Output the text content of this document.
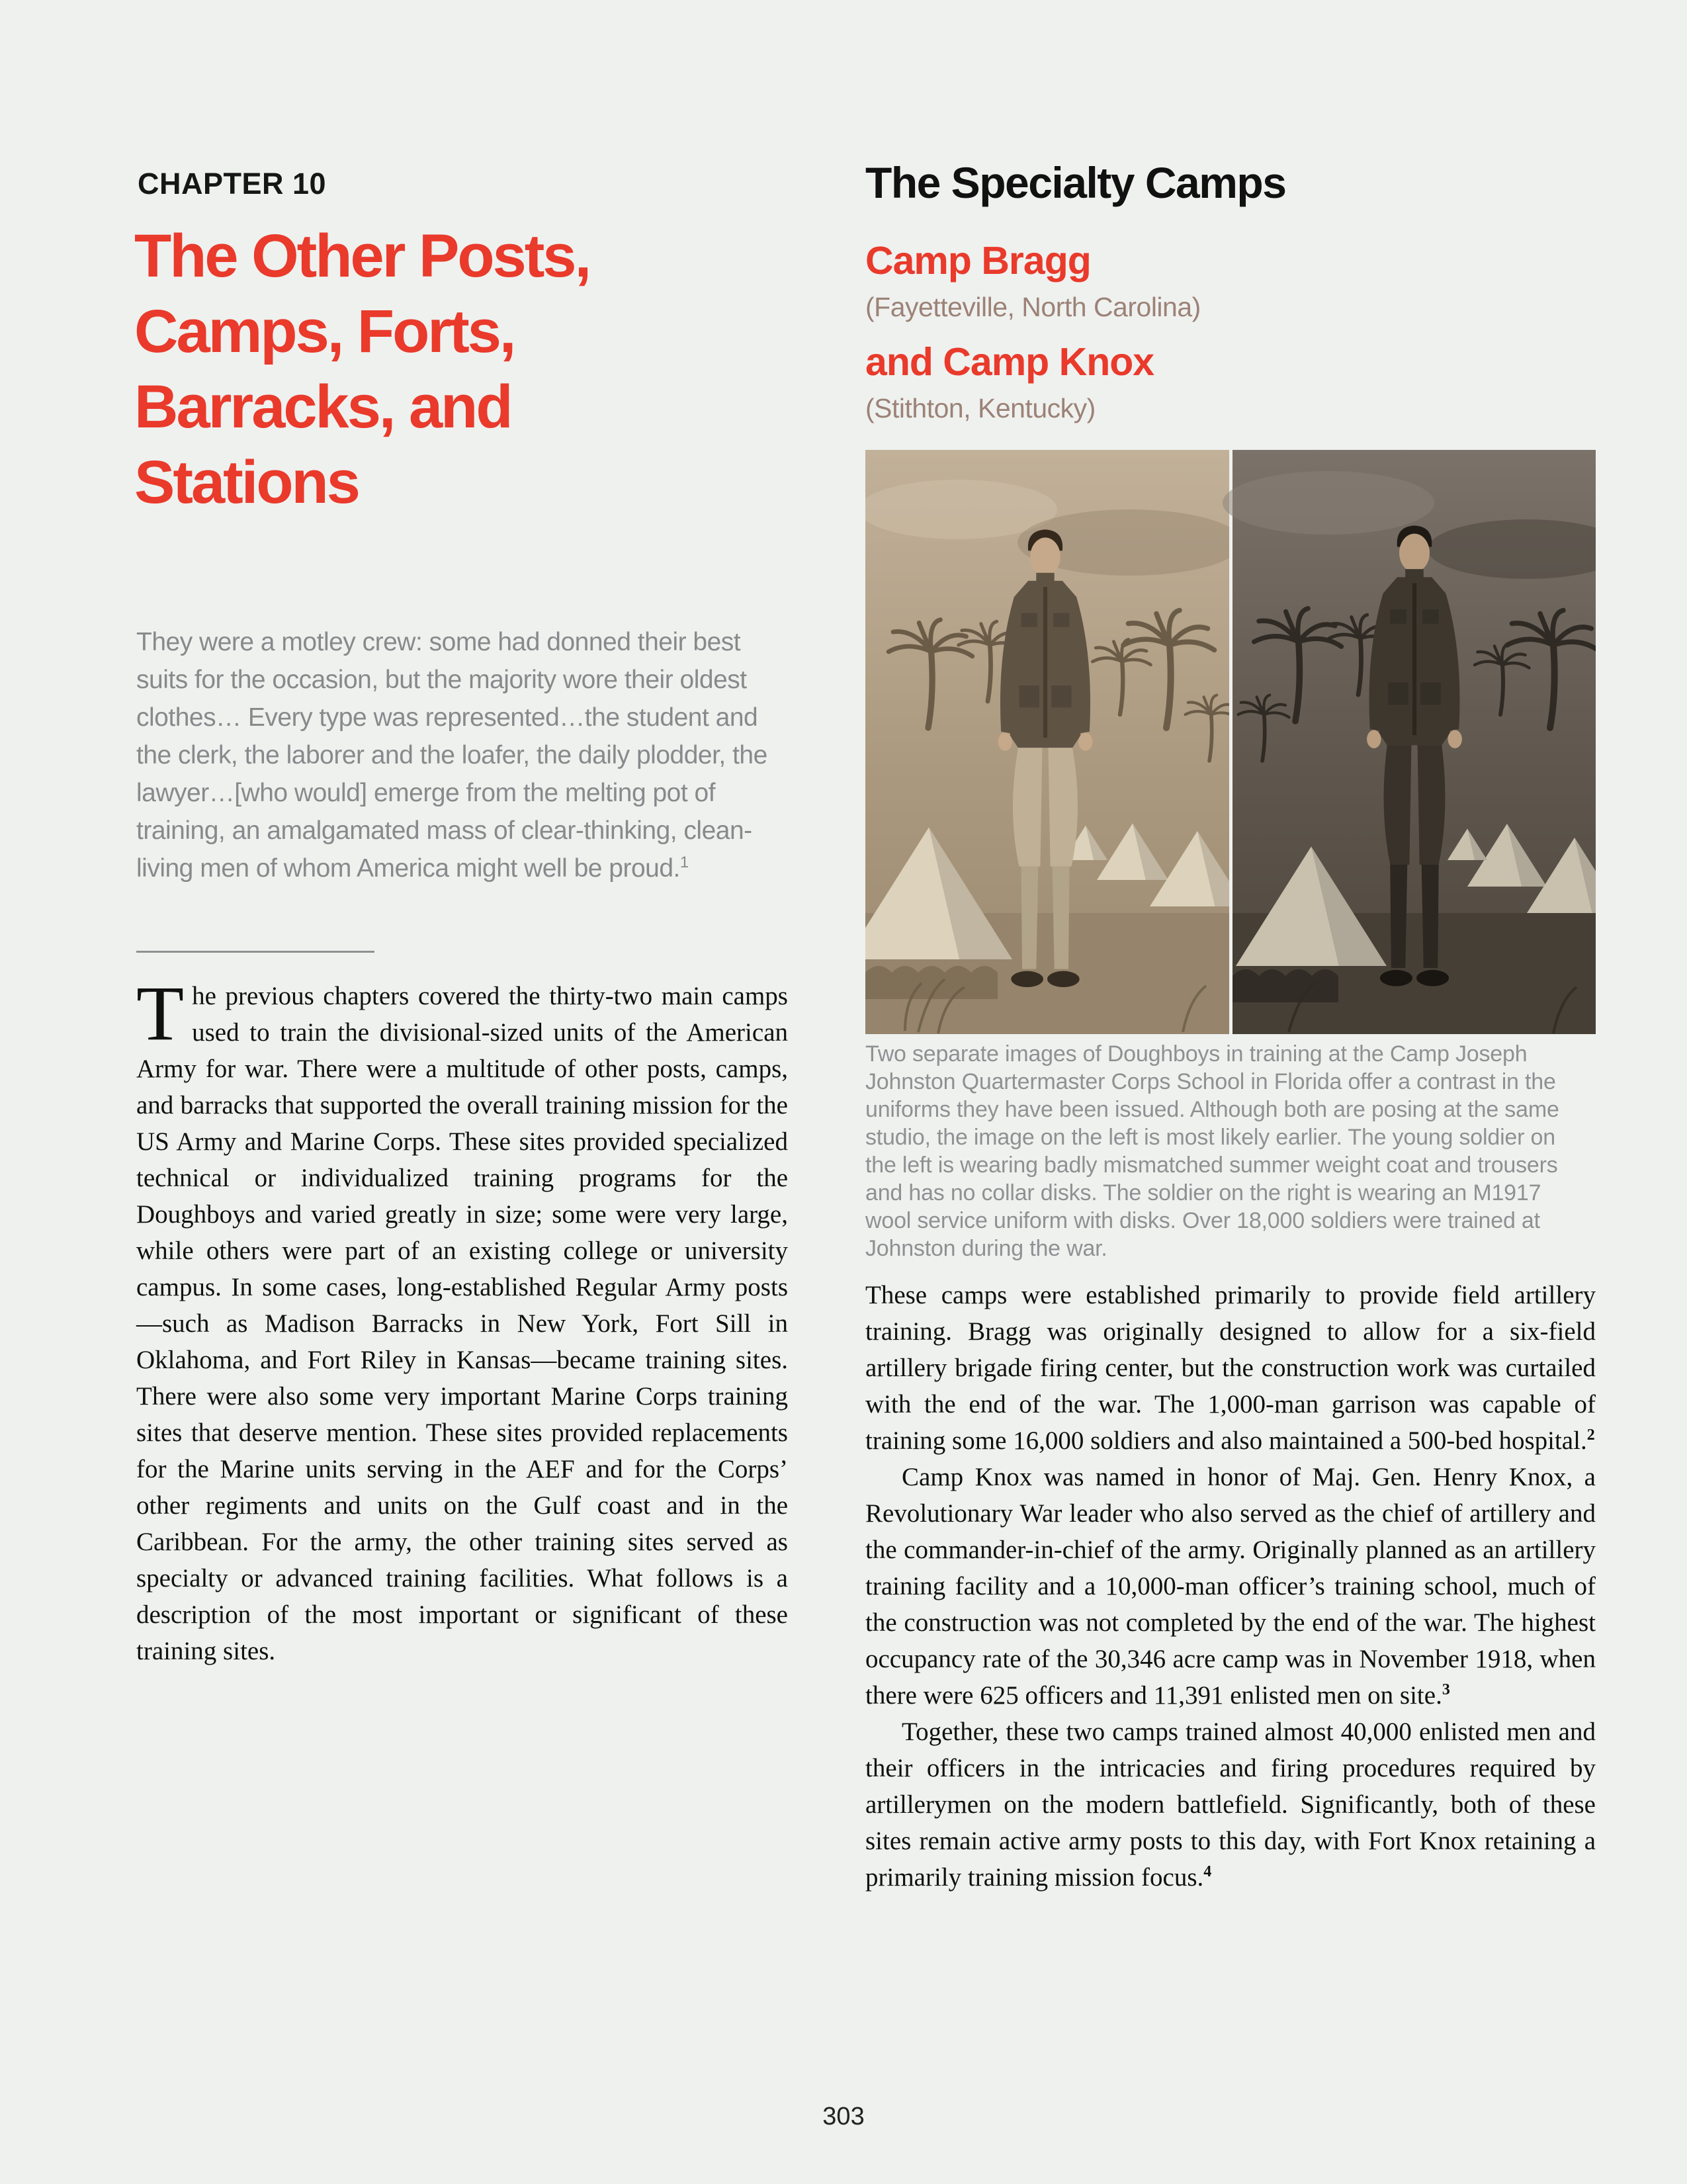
CHAPTER 10
The Other Posts,
Camps, Forts,
Barracks, and
Stations
They were a motley crew: some had donned their best suits for the occasion, but the majority wore their oldest clothes… Every type was represented…the student and the clerk, the laborer and the loafer, the daily plodder, the lawyer…[who would] emerge from the melting pot of training, an amalgamated mass of clear-thinking, clean-living men of whom America might well be proud.$^1$
The previous chapters covered the thirty-two main camps used to train the divisional-sized units of the American Army for war. There were a multitude of other posts, camps, and barracks that supported the overall training mission for the US Army and Marine Corps. These sites provided specialized technical or individualized training programs for the Doughboys and varied greatly in size; some were very large, while others were part of an existing college or university campus. In some cases, long-established Regular Army posts—such as Madison Barracks in New York, Fort Sill in Oklahoma, and Fort Riley in Kansas—became training sites. There were also some very important Marine Corps training sites that deserve mention. These sites provided replacements for the Marine units serving in the AEF and for the Corps’ other regiments and units on the Gulf coast and in the Caribbean. For the army, the other training sites served as specialty or advanced training facilities. What follows is a description of the most important or significant of these training sites.
The Specialty Camps
Camp Bragg
(Fayetteville, North Carolina)
and Camp Knox
(Stithton, Kentucky)
Two separate images of Doughboys in training at the Camp Joseph Johnston Quartermaster Corps School in Florida offer a contrast in the uniforms they have been issued. Although both are posing at the same studio, the image on the left is most likely earlier. The young soldier on the left is wearing badly mismatched summer weight coat and trousers and has no collar disks. The soldier on the right is wearing an M1917 wool service uniform with disks. Over 18,000 soldiers were trained at Johnston during the war.

These camps were established primarily to provide field artillery training. Bragg was originally designed to allow for a six-field artillery brigade firing center, but the construction work was curtailed with the end of the war. The 1,000-man garrison was capable of training some 16,000 soldiers and also maintained a 500-bed hospital.$^2$

Camp Knox was named in honor of Maj. Gen. Henry Knox, a Revolutionary War leader who also served as the chief of artillery and the commander-in-chief of the army. Originally planned as an artillery training facility and a 10,000-man officer’s training school, much of the construction was not completed by the end of the war. The highest occupancy rate of the 30,346 acre camp was in November 1918, when there were 625 officers and 11,391 enlisted men on site.$^3$

Together, these two camps trained almost 40,000 enlisted men and their officers in the intricacies and firing procedures required by artillerymen on the modern battlefield. Significantly, both of these sites remain active army posts to this day, with Fort Knox retaining a primarily training mission focus.$^4$

303
